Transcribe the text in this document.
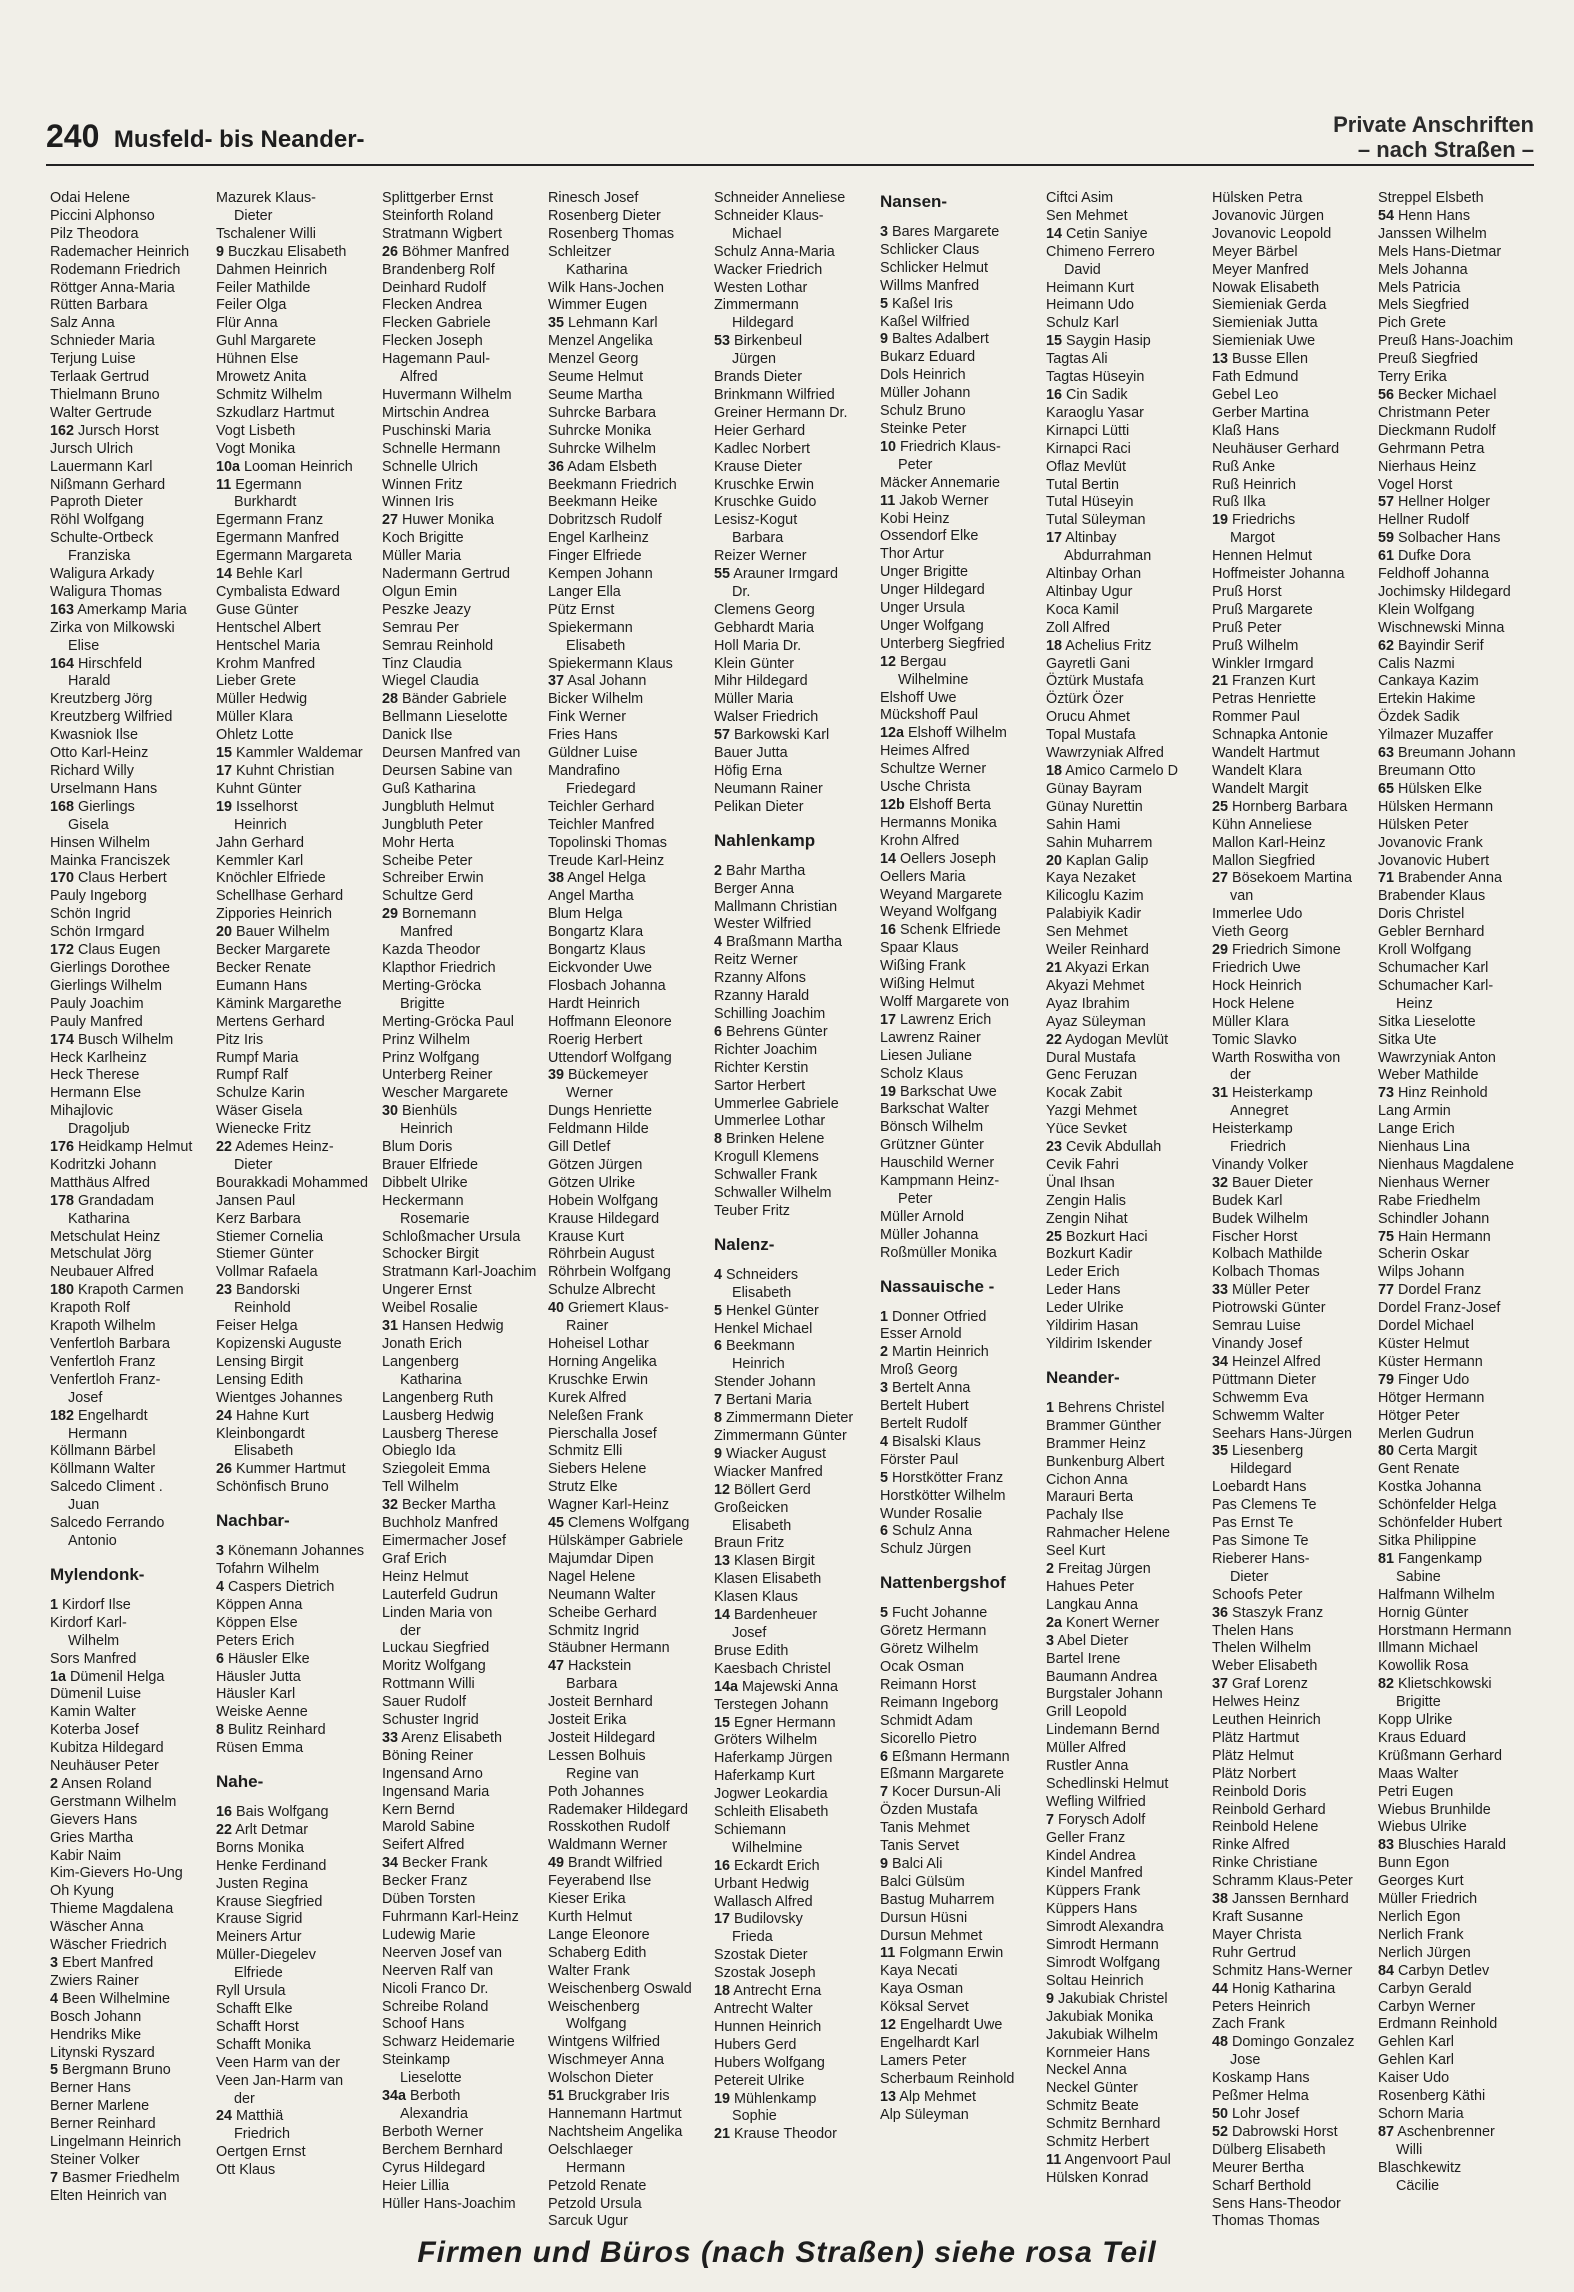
240 Musfeld- bis Neander-
Private Anschriften
– nach Straßen –
Odai Helene
Piccini Alphonso
Pilz Theodora
Rademacher Heinrich
Rodemann Friedrich
Röttger Anna-Maria
Rütten Barbara
Salz Anna
Schnieder Maria
Terjung Luise
Terlaak Gertrud
Thielmann Bruno
Walter Gertrude
162 Jursch Horst
Jursch Ulrich
Lauermann Karl
Nißmann Gerhard
Paproth Dieter
Röhl Wolfgang
Schulte-Ortbeck
Franziska
Waligura Arkady
Waligura Thomas
163 Amerkamp Maria
Zirka von Milkowski
Elise
164 Hirschfeld
Harald
Kreutzberg Jörg
Kreutzberg Wilfried
Kwasniok Ilse
Otto Karl-Heinz
Richard Willy
Urselmann Hans
168 Gierlings
Gisela
Hinsen Wilhelm
Mainka Franciszek
170 Claus Herbert
Pauly Ingeborg
Schön Ingrid
Schön Irmgard
172 Claus Eugen
Gierlings Dorothee
Gierlings Wilhelm
Pauly Joachim
Pauly Manfred
174 Busch Wilhelm
Heck Karlheinz
Heck Therese
Hermann Else
Mihajlovic
Dragoljub
176 Heidkamp Helmut
Kodritzki Johann
Matthäus Alfred
178 Grandadam
Katharina
Metschulat Heinz
Metschulat Jörg
Neubauer Alfred
180 Krapoth Carmen
Krapoth Rolf
Krapoth Wilhelm
Venfertloh Barbara
Venfertloh Franz
Venfertloh Franz-
Josef
182 Engelhardt
Hermann
Köllmann Bärbel
Köllmann Walter
Salcedo Climent .
Juan
Salcedo Ferrando
Antonio
Mylendonk-
1 Kirdorf Ilse
Kirdorf Karl-
Wilhelm
Sors Manfred
1a Dümenil Helga
Dümenil Luise
Kamin Walter
Koterba Josef
Kubitza Hildegard
Neuhäuser Peter
2 Ansen Roland
Gerstmann Wilhelm
Gievers Hans
Gries Martha
Kabir Naim
Kim-Gievers Ho-Ung
Oh Kyung
Thieme Magdalena
Wäscher Anna
Wäscher Friedrich
3 Ebert Manfred
Zwiers Rainer
4 Been Wilhelmine
Bosch Johann
Hendriks Mike
Litynski Ryszard
5 Bergmann Bruno
Berner Hans
Berner Marlene
Berner Reinhard
Lingelmann Heinrich
Steiner Volker
7 Basmer Friedhelm
Elten Heinrich van
Mazurek Klaus-
Dieter
Tschalener Willi
9 Buczkau Elisabeth
Dahmen Heinrich
Feiler Mathilde
Feiler Olga
Flür Anna
Guhl Margarete
Hühnen Else
Mrowetz Anita
Schmitz Wilhelm
Szkudlarz Hartmut
Vogt Lisbeth
Vogt Monika
10a Looman Heinrich
11 Egermann
Burkhardt
Egermann Franz
Egermann Manfred
Egermann Margareta
14 Behle Karl
Cymbalista Edward
Guse Günter
Hentschel Albert
Hentschel Maria
Krohm Manfred
Lieber Grete
Müller Hedwig
Müller Klara
Ohletz Lotte
15 Kammler Waldemar
17 Kuhnt Christian
Kuhnt Günter
19 Isselhorst
Heinrich
Jahn Gerhard
Kemmler Karl
Knöchler Elfriede
Schellhase Gerhard
Zippories Heinrich
20 Bauer Wilhelm
Becker Margarete
Becker Renate
Eumann Hans
Kämink Margarethe
Mertens Gerhard
Pitz Iris
Rumpf Maria
Rumpf Ralf
Schulze Karin
Wäser Gisela
Wienecke Fritz
22 Ademes Heinz-
Dieter
Bourakkadi Mohammed
Jansen Paul
Kerz Barbara
Stiemer Cornelia
Stiemer Günter
Vollmar Rafaela
23 Bandorski
Reinhold
Feiser Helga
Kopizenski Auguste
Lensing Birgit
Lensing Edith
Wientges Johannes
24 Hahne Kurt
Kleinbongardt
Elisabeth
26 Kummer Hartmut
Schönfisch Bruno
Nachbar-
3 Könemann Johannes
Tofahrn Wilhelm
4 Caspers Dietrich
Köppen Anna
Köppen Else
Peters Erich
6 Häusler Elke
Häusler Jutta
Häusler Karl
Weiske Aenne
8 Bulitz Reinhard
Rüsen Emma
Nahe-
16 Bais Wolfgang
22 Arlt Detmar
Borns Monika
Henke Ferdinand
Justen Regina
Krause Siegfried
Krause Sigrid
Meiners Artur
Müller-Diegelev
Elfriede
Ryll Ursula
Schafft Elke
Schafft Horst
Schafft Monika
Veen Harm van der
Veen Jan-Harm van
der
24 Matthiä
Friedrich
Oertgen Ernst
Ott Klaus
Splittgerber Ernst
Steinforth Roland
Stratmann Wigbert
26 Böhmer Manfred
Brandenberg Rolf
Deinhard Rudolf
Flecken Andrea
Flecken Gabriele
Flecken Joseph
Hagemann Paul-
Alfred
Huvermann Wilhelm
Mirtschin Andrea
Puschinski Maria
Schnelle Hermann
Schnelle Ulrich
Winnen Fritz
Winnen Iris
27 Huwer Monika
Koch Brigitte
Müller Maria
Nadermann Gertrud
Olgun Emin
Peszke Jeazy
Semrau Per
Semrau Reinhold
Tinz Claudia
Wiegel Claudia
28 Bänder Gabriele
Bellmann Lieselotte
Danick Ilse
Deursen Manfred van
Deursen Sabine van
Guß Katharina
Jungbluth Helmut
Jungbluth Peter
Mohr Herta
Scheibe Peter
Schreiber Erwin
Schultze Gerd
29 Bornemann
Manfred
Kazda Theodor
Klapthor Friedrich
Merting-Gröcka
Brigitte
Merting-Gröcka Paul
Prinz Wilhelm
Prinz Wolfgang
Unterberg Reiner
Wescher Margarete
30 Bienhüls
Heinrich
Blum Doris
Brauer Elfriede
Dibbelt Ulrike
Heckermann
Rosemarie
Schloßmacher Ursula
Schocker Birgit
Stratmann Karl-Joachim
Ungerer Ernst
Weibel Rosalie
31 Hansen Hedwig
Jonath Erich
Langenberg
Katharina
Langenberg Ruth
Lausberg Hedwig
Lausberg Therese
Obieglo Ida
Sziegoleit Emma
Tell Wilhelm
32 Becker Martha
Buchholz Manfred
Eimermacher Josef
Graf Erich
Heinz Helmut
Lauterfeld Gudrun
Linden Maria von
der
Luckau Siegfried
Moritz Wolfgang
Rottmann Willi
Sauer Rudolf
Schuster Ingrid
33 Arenz Elisabeth
Böning Reiner
Ingensand Arno
Ingensand Maria
Kern Bernd
Marold Sabine
Seifert Alfred
34 Becker Frank
Becker Franz
Düben Torsten
Fuhrmann Karl-Heinz
Ludewig Marie
Neerven Josef van
Neerven Ralf van
Nicoli Franco Dr.
Schreibe Roland
Schoof Hans
Schwarz Heidemarie
Steinkamp
Lieselotte
34a Berboth
Alexandria
Berboth Werner
Berchem Bernhard
Cyrus Hildegard
Heier Lillia
Hüller Hans-Joachim
Rinesch Josef
Rosenberg Dieter
Rosenberg Thomas
Schleitzer
Katharina
Wilk Hans-Jochen
Wimmer Eugen
35 Lehmann Karl
Menzel Angelika
Menzel Georg
Seume Helmut
Seume Martha
Suhrcke Barbara
Suhrcke Monika
Suhrcke Wilhelm
36 Adam Elsbeth
Beekmann Friedrich
Beekmann Heike
Dobritzsch Rudolf
Engel Karlheinz
Finger Elfriede
Kempen Johann
Langer Ella
Pütz Ernst
Spiekermann
Elisabeth
Spiekermann Klaus
37 Asal Johann
Bicker Wilhelm
Fink Werner
Fries Hans
Güldner Luise
Mandrafino
Friedegard
Teichler Gerhard
Teichler Manfred
Topolinski Thomas
Treude Karl-Heinz
38 Angel Helga
Angel Martha
Blum Helga
Bongartz Klara
Bongartz Klaus
Eickvonder Uwe
Flosbach Johanna
Hardt Heinrich
Hoffmann Eleonore
Roerig Herbert
Uttendorf Wolfgang
39 Bückemeyer
Werner
Dungs Henriette
Feldmann Hilde
Gill Detlef
Götzen Jürgen
Götzen Ulrike
Hobein Wolfgang
Krause Hildegard
Krause Kurt
Röhrbein August
Röhrbein Wolfgang
Schulze Albrecht
40 Griemert Klaus-
Rainer
Hoheisel Lothar
Horning Angelika
Kruschke Erwin
Kurek Alfred
Neleßen Frank
Pierschalla Josef
Schmitz Elli
Siebers Helene
Strutz Elke
Wagner Karl-Heinz
45 Clemens Wolfgang
Hülskämper Gabriele
Majumdar Dipen
Nagel Helene
Neumann Walter
Scheibe Gerhard
Schmitz Ingrid
Stäubner Hermann
47 Hackstein
Barbara
Josteit Bernhard
Josteit Erika
Josteit Hildegard
Lessen Bolhuis
Regine van
Poth Johannes
Rademaker Hildegard
Rosskothen Rudolf
Waldmann Werner
49 Brandt Wilfried
Feyerabend Ilse
Kieser Erika
Kurth Helmut
Lange Eleonore
Schaberg Edith
Walter Frank
Weischenberg Oswald
Weischenberg
Wolfgang
Wintgens Wilfried
Wischmeyer Anna
Wolschon Dieter
51 Bruckgraber Iris
Hannemann Hartmut
Nachtsheim Angelika
Oelschlaeger
Hermann
Petzold Renate
Petzold Ursula
Sarcuk Ugur
Schneider Anneliese
Schneider Klaus-
Michael
Schulz Anna-Maria
Wacker Friedrich
Westen Lothar
Zimmermann
Hildegard
53 Birkenbeul
Jürgen
Brands Dieter
Brinkmann Wilfried
Greiner Hermann Dr.
Heier Gerhard
Kadlec Norbert
Krause Dieter
Kruschke Erwin
Kruschke Guido
Lesisz-Kogut
Barbara
Reizer Werner
55 Arauner Irmgard
Dr.
Clemens Georg
Gebhardt Maria
Holl Maria Dr.
Klein Günter
Mihr Hildegard
Müller Maria
Walser Friedrich
57 Barkowski Karl
Bauer Jutta
Höfig Erna
Neumann Rainer
Pelikan Dieter
Nahlenkamp
2 Bahr Martha
Berger Anna
Mallmann Christian
Wester Wilfried
4 Braßmann Martha
Reitz Werner
Rzanny Alfons
Rzanny Harald
Schilling Joachim
6 Behrens Günter
Richter Joachim
Richter Kerstin
Sartor Herbert
Ummerlee Gabriele
Ummerlee Lothar
8 Brinken Helene
Krogull Klemens
Schwaller Frank
Schwaller Wilhelm
Teuber Fritz
Nalenz-
4 Schneiders
Elisabeth
5 Henkel Günter
Henkel Michael
6 Beekmann
Heinrich
Stender Johann
7 Bertani Maria
8 Zimmermann Dieter
Zimmermann Günter
9 Wiacker August
Wiacker Manfred
12 Böllert Gerd
Großeicken
Elisabeth
Braun Fritz
13 Klasen Birgit
Klasen Elisabeth
Klasen Klaus
14 Bardenheuer
Josef
Bruse Edith
Kaesbach Christel
14a Majewski Anna
Terstegen Johann
15 Egner Hermann
Gröters Wilhelm
Haferkamp Jürgen
Haferkamp Kurt
Jogwer Leokardia
Schleith Elisabeth
Schiemann
Wilhelmine
16 Eckardt Erich
Urbant Hedwig
Wallasch Alfred
17 Budilovsky
Frieda
Szostak Dieter
Szostak Joseph
18 Antrecht Erna
Antrecht Walter
Hunnen Heinrich
Hubers Gerd
Hubers Wolfgang
Petereit Ulrike
19 Mühlenkamp
Sophie
21 Krause Theodor
Nansen-
3 Bares Margarete
Schlicker Claus
Schlicker Helmut
Willms Manfred
5 Kaßel Iris
Kaßel Wilfried
9 Baltes Adalbert
Bukarz Eduard
Dols Heinrich
Müller Johann
Schulz Bruno
Steinke Peter
10 Friedrich Klaus-
Peter
Mäcker Annemarie
11 Jakob Werner
Kobi Heinz
Ossendorf Elke
Thor Artur
Unger Brigitte
Unger Hildegard
Unger Ursula
Unger Wolfgang
Unterberg Siegfried
12 Bergau
Wilhelmine
Elshoff Uwe
Mückshoff Paul
12a Elshoff Wilhelm
Heimes Alfred
Schultze Werner
Usche Christa
12b Elshoff Berta
Hermanns Monika
Krohn Alfred
14 Oellers Joseph
Oellers Maria
Weyand Margarete
Weyand Wolfgang
16 Schenk Elfriede
Spaar Klaus
Wißing Frank
Wißing Helmut
Wolff Margarete von
17 Lawrenz Erich
Lawrenz Rainer
Liesen Juliane
Scholz Klaus
19 Barkschat Uwe
Barkschat Walter
Bönsch Wilhelm
Grützner Günter
Hauschild Werner
Kampmann Heinz-
Peter
Müller Arnold
Müller Johanna
Roßmüller Monika
Nassauische -
1 Donner Otfried
Esser Arnold
2 Martin Heinrich
Mroß Georg
3 Bertelt Anna
Bertelt Hubert
Bertelt Rudolf
4 Bisalski Klaus
Förster Paul
5 Horstkötter Franz
Horstkötter Wilhelm
Wunder Rosalie
6 Schulz Anna
Schulz Jürgen
Nattenbergshof
5 Fucht Johanne
Göretz Hermann
Göretz Wilhelm
Ocak Osman
Reimann Horst
Reimann Ingeborg
Schmidt Adam
Sicorello Pietro
6 Eßmann Hermann
Eßmann Margarete
7 Kocer Dursun-Ali
Özden Mustafa
Tanis Mehmet
Tanis Servet
9 Balci Ali
Balci Gülsüm
Bastug Muharrem
Dursun Hüsni
Dursun Mehmet
11 Folgmann Erwin
Kaya Necati
Kaya Osman
Köksal Servet
12 Engelhardt Uwe
Engelhardt Karl
Lamers Peter
Scherbaum Reinhold
13 Alp Mehmet
Alp Süleyman
Ciftci Asim
Sen Mehmet
14 Cetin Saniye
Chimeno Ferrero
David
Heimann Kurt
Heimann Udo
Schulz Karl
15 Saygin Hasip
Tagtas Ali
Tagtas Hüseyin
16 Cin Sadik
Karaoglu Yasar
Kirnapci Lütti
Kirnapci Raci
Oflaz Mevlüt
Tutal Bertin
Tutal Hüseyin
Tutal Süleyman
17 Altinbay
Abdurrahman
Altinbay Orhan
Altinbay Ugur
Koca Kamil
Zoll Alfred
18 Achelius Fritz
Gayretli Gani
Öztürk Mustafa
Öztürk Özer
Orucu Ahmet
Topal Mustafa
Wawrzyniak Alfred
18 Amico Carmelo D
Günay Bayram
Günay Nurettin
Sahin Hami
Sahin Muharrem
20 Kaplan Galip
Kaya Nezaket
Kilicoglu Kazim
Palabiyik Kadir
Sen Mehmet
Weiler Reinhard
21 Akyazi Erkan
Akyazi Mehmet
Ayaz Ibrahim
Ayaz Süleyman
22 Aydogan Mevlüt
Dural Mustafa
Genc Feruzan
Kocak Zabit
Yazgi Mehmet
Yüce Sevket
23 Cevik Abdullah
Cevik Fahri
Ünal Ihsan
Zengin Halis
Zengin Nihat
25 Bozkurt Haci
Bozkurt Kadir
Leder Erich
Leder Hans
Leder Ulrike
Yildirim Hasan
Yildirim Iskender
Neander-
1 Behrens Christel
Brammer Günther
Brammer Heinz
Bunkenburg Albert
Cichon Anna
Marauri Berta
Pachaly Ilse
Rahmacher Helene
Seel Kurt
2 Freitag Jürgen
Hahues Peter
Langkau Anna
2a Konert Werner
3 Abel Dieter
Bartel Irene
Baumann Andrea
Burgstaler Johann
Grill Leopold
Lindemann Bernd
Müller Alfred
Rustler Anna
Schedlinski Helmut
Wefling Wilfried
7 Forysch Adolf
Geller Franz
Kindel Andrea
Kindel Manfred
Küppers Frank
Küppers Hans
Simrodt Alexandra
Simrodt Hermann
Simrodt Wolfgang
Soltau Heinrich
9 Jakubiak Christel
Jakubiak Monika
Jakubiak Wilhelm
Kornmeier Hans
Neckel Anna
Neckel Günter
Schmitz Beate
Schmitz Bernhard
Schmitz Herbert
11 Angenvoort Paul
Hülsken Konrad
Hülsken Petra
Jovanovic Jürgen
Jovanovic Leopold
Meyer Bärbel
Meyer Manfred
Nowak Elisabeth
Siemieniak Gerda
Siemieniak Jutta
Siemieniak Uwe
13 Busse Ellen
Fath Edmund
Gebel Leo
Gerber Martina
Klaß Hans
Neuhäuser Gerhard
Ruß Anke
Ruß Heinrich
Ruß Ilka
19 Friedrichs
Margot
Hennen Helmut
Hoffmeister Johanna
Pruß Horst
Pruß Margarete
Pruß Peter
Pruß Wilhelm
Winkler Irmgard
21 Franzen Kurt
Petras Henriette
Rommer Paul
Schnapka Antonie
Wandelt Hartmut
Wandelt Klara
Wandelt Margit
25 Hornberg Barbara
Kühn Anneliese
Mallon Karl-Heinz
Mallon Siegfried
27 Bösekoem Martina
van
Immerlee Udo
Vieth Georg
29 Friedrich Simone
Friedrich Uwe
Hock Heinrich
Hock Helene
Müller Klara
Tomic Slavko
Warth Roswitha von
der
31 Heisterkamp
Annegret
Heisterkamp
Friedrich
Vinandy Volker
32 Bauer Dieter
Budek Karl
Budek Wilhelm
Fischer Horst
Kolbach Mathilde
Kolbach Thomas
33 Müller Peter
Piotrowski Günter
Semrau Luise
Vinandy Josef
34 Heinzel Alfred
Püttmann Dieter
Schwemm Eva
Schwemm Walter
Seehars Hans-Jürgen
35 Liesenberg
Hildegard
Loebardt Hans
Pas Clemens Te
Pas Ernst Te
Pas Simone Te
Rieberer Hans-
Dieter
Schoofs Peter
36 Staszyk Franz
Thelen Hans
Thelen Wilhelm
Weber Elisabeth
37 Graf Lorenz
Helwes Heinz
Leuthen Heinrich
Plätz Hartmut
Plätz Helmut
Plätz Norbert
Reinbold Doris
Reinbold Gerhard
Reinbold Helene
Rinke Alfred
Rinke Christiane
Schramm Klaus-Peter
38 Janssen Bernhard
Kraft Susanne
Mayer Christa
Ruhr Gertrud
Schmitz Hans-Werner
44 Honig Katharina
Peters Heinrich
Zach Frank
48 Domingo Gonzalez
Jose
Koskamp Hans
Peßmer Helma
50 Lohr Josef
52 Dabrowski Horst
Dülberg Elisabeth
Meurer Bertha
Scharf Berthold
Sens Hans-Theodor
Thomas Thomas
Streppel Elsbeth
54 Henn Hans
Janssen Wilhelm
Mels Hans-Dietmar
Mels Johanna
Mels Patricia
Mels Siegfried
Pich Grete
Preuß Hans-Joachim
Preuß Siegfried
Terry Erika
56 Becker Michael
Christmann Peter
Dieckmann Rudolf
Gehrmann Petra
Nierhaus Heinz
Vogel Horst
57 Hellner Holger
Hellner Rudolf
59 Solbacher Hans
61 Dufke Dora
Feldhoff Johanna
Jochimsky Hildegard
Klein Wolfgang
Wischnewski Minna
62 Bayindir Serif
Calis Nazmi
Cankaya Kazim
Ertekin Hakime
Özdek Sadik
Yilmazer Muzaffer
63 Breumann Johann
Breumann Otto
65 Hülsken Elke
Hülsken Hermann
Hülsken Peter
Jovanovic Frank
Jovanovic Hubert
71 Brabender Anna
Brabender Klaus
Doris Christel
Gebler Bernhard
Kroll Wolfgang
Schumacher Karl
Schumacher Karl-
Heinz
Sitka Lieselotte
Sitka Ute
Wawrzyniak Anton
Weber Mathilde
73 Hinz Reinhold
Lang Armin
Lange Erich
Nienhaus Lina
Nienhaus Magdalene
Nienhaus Werner
Rabe Friedhelm
Schindler Johann
75 Hain Hermann
Scherin Oskar
Wilps Johann
77 Dordel Franz
Dordel Franz-Josef
Dordel Michael
Küster Helmut
Küster Hermann
79 Finger Udo
Hötger Hermann
Hötger Peter
Merlen Gudrun
80 Certa Margit
Gent Renate
Kostka Johanna
Schönfelder Helga
Schönfelder Hubert
Sitka Philippine
81 Fangenkamp
Sabine
Halfmann Wilhelm
Hornig Günter
Horstmann Hermann
Illmann Michael
Kowollik Rosa
82 Klietschkowski
Brigitte
Kopp Ulrike
Kraus Eduard
Krüßmann Gerhard
Maas Walter
Petri Eugen
Wiebus Brunhilde
Wiebus Ulrike
83 Bluschies Harald
Bunn Egon
Georges Kurt
Müller Friedrich
Nerlich Egon
Nerlich Frank
Nerlich Jürgen
84 Carbyn Detlev
Carbyn Gerald
Carbyn Werner
Erdmann Reinhold
Gehlen Karl
Gehlen Karl
Kaiser Udo
Rosenberg Käthi
Schorn Maria
87 Aschenbrenner
Willi
Blaschkewitz
Cäcilie
Firmen und Büros (nach Straßen) siehe rosa Teil
